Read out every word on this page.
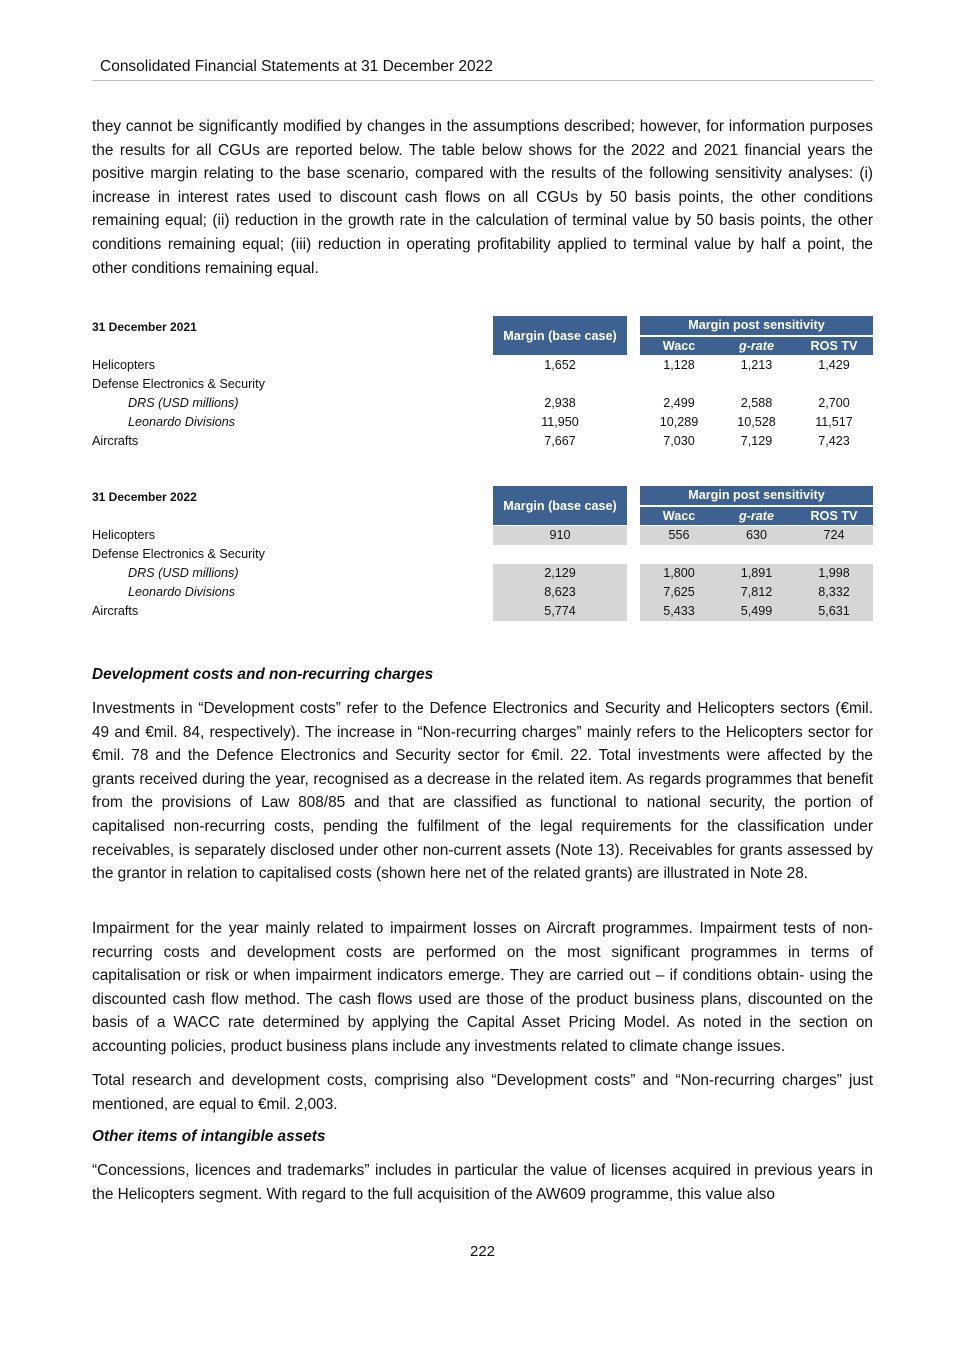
Consolidated Financial Statements at 31 December 2022

they cannot be significantly modified by changes in the assumptions described; however, for information purposes the results for all CGUs are reported below. The table below shows for the 2022 and 2021 financial years the positive margin relating to the base scenario, compared with the results of the following sensitivity analyses: (i) increase in interest rates used to discount cash flows on all CGUs by 50 basis points, the other conditions remaining equal; (ii) reduction in the growth rate in the calculation of terminal value by 50 basis points, the other conditions remaining equal; (iii) reduction in operating profitability applied to terminal value by half a point, the other conditions remaining equal.

31 December 2021
Margin (base case)
Margin post sensitivity
Wacc	g-rate	ROS TV
Helicopters	1,652	1,128	1,213	1,429
Defense Electronics & Security
DRS (USD millions)	2,938	2,499	2,588	2,700
Leonardo Divisions	11,950	10,289	10,528	11,517
Aircrafts	7,667	7,030	7,129	7,423
31 December 2022
Margin (base case)
Margin post sensitivity
Wacc	g-rate	ROS TV
Helicopters	910	556	630	724
Defense Electronics & Security
DRS (USD millions)	2,129	1,800	1,891	1,998
Leonardo Divisions	8,623	7,625	7,812	8,332
Aircrafts	5,774	5,433	5,499	5,631

Development costs and non-recurring charges

Investments in “Development costs” refer to the Defence Electronics and Security and Helicopters sectors (€mil. 49 and €mil. 84, respectively). The increase in “Non-recurring charges” mainly refers to the Helicopters sector for €mil. 78 and the Defence Electronics and Security sector for €mil. 22. Total investments were affected by the grants received during the year, recognised as a decrease in the related item. As regards programmes that benefit from the provisions of Law 808/85 and that are classified as functional to national security, the portion of capitalised non-recurring costs, pending the fulfilment of the legal requirements for the classification under receivables, is separately disclosed under other non-current assets (Note 13). Receivables for grants assessed by the grantor in relation to capitalised costs (shown here net of the related grants) are illustrated in Note 28.

Impairment for the year mainly related to impairment losses on Aircraft programmes. Impairment tests of non-recurring costs and development costs are performed on the most significant programmes in terms of capitalisation or risk or when impairment indicators emerge. They are carried out – if conditions obtain- using the discounted cash flow method. The cash flows used are those of the product business plans, discounted on the basis of a WACC rate determined by applying the Capital Asset Pricing Model. As noted in the section on accounting policies, product business plans include any investments related to climate change issues.

Total research and development costs, comprising also “Development costs” and “Non-recurring charges” just mentioned, are equal to €mil. 2,003.

Other items of intangible assets

“Concessions, licences and trademarks” includes in particular the value of licenses acquired in previous years in the Helicopters segment. With regard to the full acquisition of the AW609 programme, this value also

222
